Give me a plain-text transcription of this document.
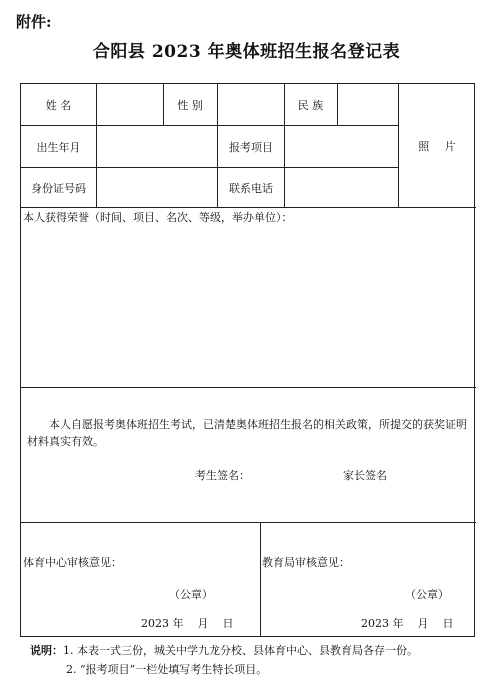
附件:
合阳县 2023 年奥体班招生报名登记表
姓 名	性 别	民 族
照 片
出生年月	报考项目
身份证号码	联系电话
本人获得荣誉（时间、项目、名次、等级，举办单位）：
本人自愿报考奥体班招生考试，已清楚奥体班招生报名的相关政策，所提交的获奖证明材料真实有效。
考生签名：	家长签名
体育中心审核意见：
（公章）
2023 年    月    日
教育局审核意见：
（公章）
2023 年    月    日
说明：1. 本表一式三份，城关中学九龙分校、县体育中心、县教育局各存一份。
2. “报考项目”一栏处填写考生特长项目。
